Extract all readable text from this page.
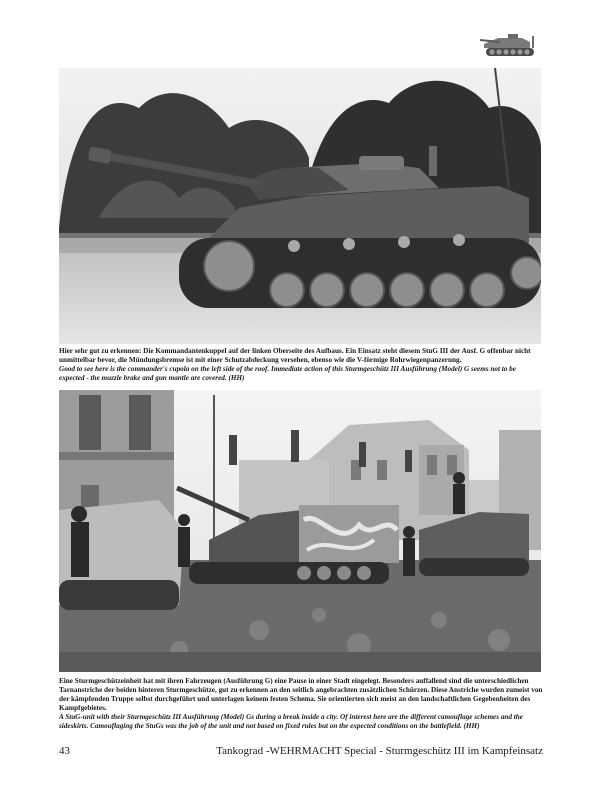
Hier sehr gut zu erkennen: Die Kommandantenkuppel auf der linken Oberseite des Aufbaus. Ein Einsatz steht diesem StuG III der Ausf. G offenbar nicht unmittelbar bevor, die Mündungsbremse ist mit einer Schutzabdeckung versehen, ebenso wie die V-förmige Rohrwiegenpanzerung.
Good to see here is the commander's cupola on the left side of the roof. Immediate action of this Sturmgeschütz III Ausführung (Model) G seems not to be expected - the muzzle brake and gun mantle are covered. (HH)

Eine Sturmgeschützeinheit hat mit ihren Fahrzeugen (Ausführung G) eine Pause in einer Stadt eingelegt. Besonders auffallend sind die unterschiedlichen Tarnanstriche der beiden hinteren Sturmgeschütze, gut zu erkennen an den seitlich angebrachten zusätzlichen Schürzen. Diese Anstriche wurden zumeist von der kämpfenden Truppe selbst durchgeführt und unterlagen keinem festen Schema. Sie orientierten sich meist an den landschaftlichen Gegebenheiten des Kampfgebietes.
A StuG-unit with their Sturmgeschütz III Ausführung (Model) Gs during a break inside a city. Of interest here are the different camouflage schemes and the sideskirts. Camouflaging the StuGs was the job of the unit and not based on fixed rules but on the expected conditions on the battlefield. (HH)

43	Tankograd -WEHRMACHT Special - Sturmgeschütz III im Kampfeinsatz
